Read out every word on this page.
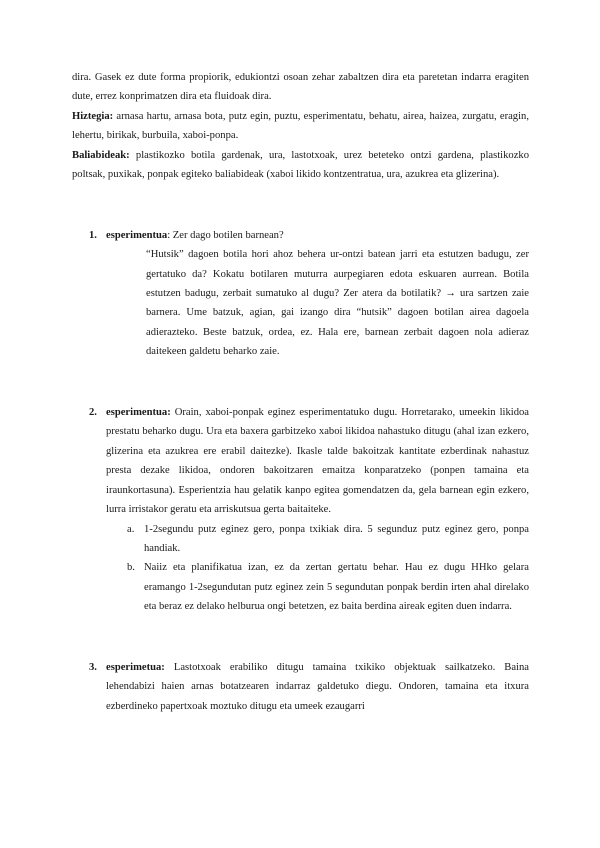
dira. Gasek ez dute forma propiorik, edukiontzi osoan zehar zabaltzen dira eta paretetan indarra eragiten dute, errez konprimatzen dira eta fluidoak dira.

Hiztegia: arnasa hartu, arnasa bota, putz egin, puztu, esperimentatu, behatu, airea, haizea, zurgatu, eragin, lehertu, birikak, burbuila, xaboi-ponpa.

Baliabideak: plastikozko botila gardenak, ura, lastotxoak, urez beteteko ontzi gardena, plastikozko poltsak, puxikak, ponpak egiteko baliabideak (xaboi likido kontzentratua, ura, azukrea eta glizerina).

1. esperimentua: Zer dago botilen barnean?
“Hutsik” dagoen botila hori ahoz behera ur-ontzi batean jarri eta estutzen badugu, zer gertatuko da? Kokatu botilaren muturra aurpegiaren edota eskuaren aurrean. Botila estutzen badugu, zerbait sumatuko al dugu? Zer atera da botilatik? → ura sartzen zaie barnera. Ume batzuk, agian, gai izango dira “hutsik” dagoen botilan airea dagoela adierazteko. Beste batzuk, ordea, ez. Hala ere, barnean zerbait dagoen nola adieraz daitekeen galdetu beharko zaie.
2. esperimentua: Orain, xaboi-ponpak eginez esperimentatuko dugu. Horretarako, umeekin likidoa prestatu beharko dugu. Ura eta baxera garbitzeko xaboi likidoa nahastuko ditugu (ahal izan ezkero, glizerina eta azukrea ere erabil daitezke). Ikasle talde bakoitzak kantitate ezberdinak nahastuz presta dezake likidoa, ondoren bakoitzaren emaitza konparatzeko (ponpen tamaina eta iraunkortasuna). Esperientzia hau gelatik kanpo egitea gomendatzen da, gela barnean egin ezkero, lurra irristakor geratu eta arriskutsua gerta baitaiteke.
a. 1-2segundu putz eginez gero, ponpa txikiak dira. 5 segunduz putz eginez gero, ponpa handiak.
b. Naiiz eta planifikatua izan, ez da zertan gertatu behar. Hau ez dugu HHko gelara eramango 1-2segundutan putz eginez zein 5 segundutan ponpak berdin irten ahal direlako eta beraz ez delako helburua ongi betetzen, ez baita berdina aireak egiten duen indarra.
3. esperimetua: Lastotxoak erabiliko ditugu tamaina txikiko objektuak sailkatzeko. Baina lehendabizi haien arnas botatzearen indarraz galdetuko diegu. Ondoren, tamaina eta itxura ezberdineko papertxoak moztuko ditugu eta umeek ezaugarri
